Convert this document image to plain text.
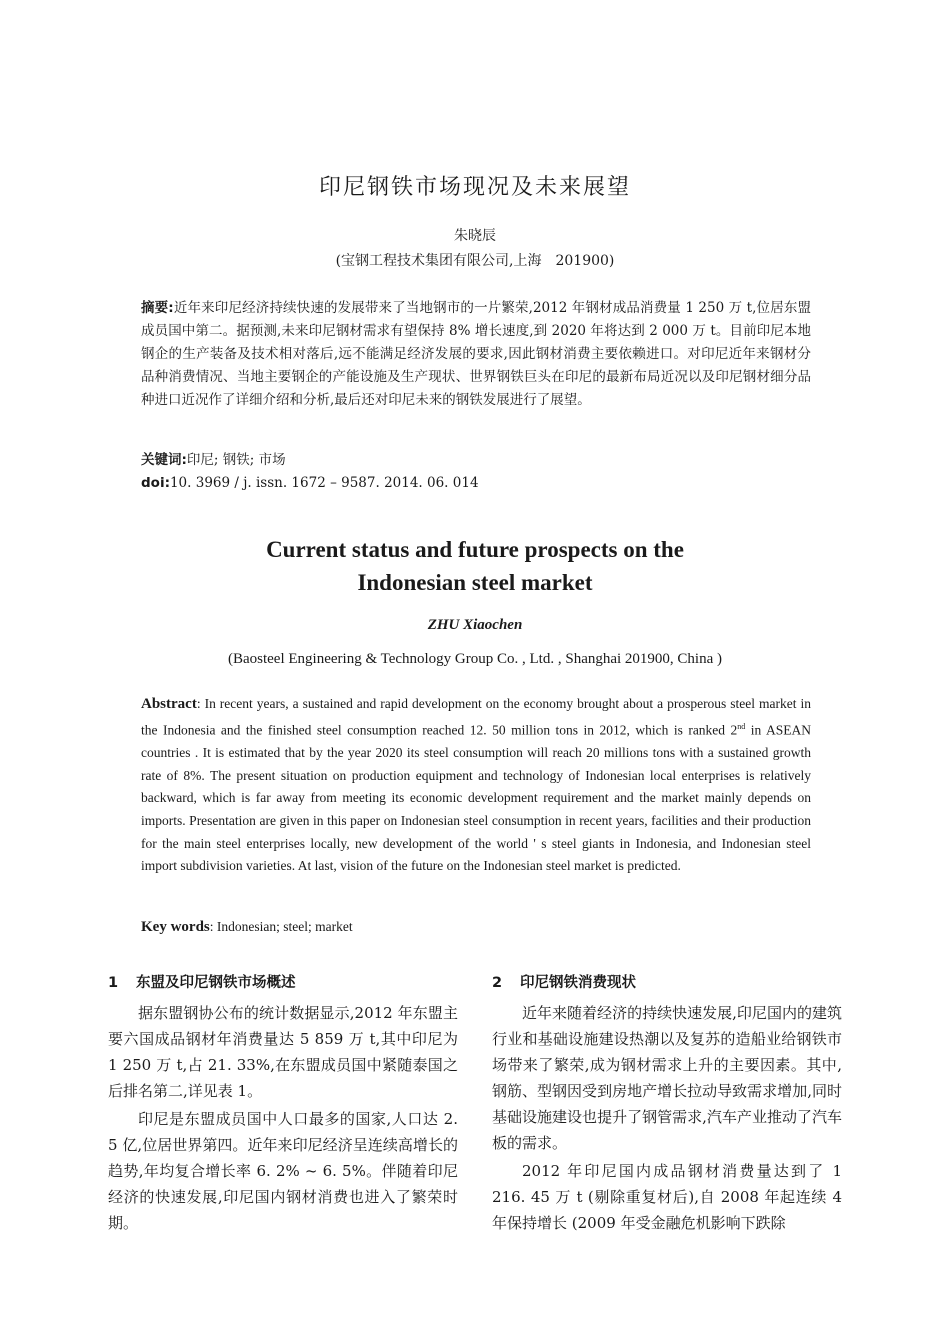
印尼钢铁市场现况及未来展望
朱晓辰
(宝钢工程技术集团有限公司,上海　201900)
摘要:近年来印尼经济持续快速的发展带来了当地钢市的一片繁荣,2012 年钢材成品消费量 1 250 万 t,位居东盟成员国中第二。据预测,未来印尼钢材需求有望保持 8% 增长速度,到 2020 年将达到 2 000 万 t。目前印尼本地钢企的生产装备及技术相对落后,远不能满足经济发展的要求,因此钢材消费主要依赖进口。对印尼近年来钢材分品种消费情况、当地主要钢企的产能设施及生产现状、世界钢铁巨头在印尼的最新布局近况以及印尼钢材细分品种进口近况作了详细介绍和分析,最后还对印尼未来的钢铁发展进行了展望。
关键词:印尼; 钢铁; 市场
doi:10. 3969 / j. issn. 1672 – 9587. 2014. 06. 014
Current status and future prospects on the
Indonesian steel market
ZHU Xiaochen
(Baosteel Engineering & Technology Group Co. , Ltd. , Shanghai 201900, China )
Abstract: In recent years, a sustained and rapid development on the economy brought about a prosperous steel market in the Indonesia and the finished steel consumption reached 12. 50 million tons in 2012, which is ranked 2nd in ASEAN countries . It is estimated that by the year 2020 its steel consumption will reach 20 millions tons with a sustained growth rate of 8%. The present situation on production equipment and technology of Indonesian local enterprises is relatively backward, which is far away from meeting its economic development requirement and the market mainly depends on imports. Presentation are given in this paper on Indonesian steel consumption in recent years, facilities and their production for the main steel enterprises locally, new development of the world ' s steel giants in Indonesia, and Indonesian steel import subdivision varieties. At last, vision of the future on the Indonesian steel market is predicted.
Key words: Indonesian; steel; market
1 东盟及印尼钢铁市场概述

据东盟钢协公布的统计数据显示,2012 年东盟主要六国成品钢材年消费量达 5 859 万 t,其中印尼为 1 250 万 t,占 21. 33%,在东盟成员国中紧随泰国之后排名第二,详见表 1。

印尼是东盟成员国中人口最多的国家,人口达 2. 5 亿,位居世界第四。近年来印尼经济呈连续高增长的趋势,年均复合增长率 6. 2% ~ 6. 5%。伴随着印尼经济的快速发展,印尼国内钢材消费也进入了繁荣时期。

2 印尼钢铁消费现状

近年来随着经济的持续快速发展,印尼国内的建筑行业和基础设施建设热潮以及复苏的造船业给钢铁市场带来了繁荣,成为钢材需求上升的主要因素。其中,钢筋、型钢因受到房地产增长拉动导致需求增加,同时基础设施建设也提升了钢管需求,汽车产业推动了汽车板的需求。

2012 年印尼国内成品钢材消费量达到了 1 216. 45 万 t (剔除重复材后),自 2008 年起连续 4 年保持增长 (2009 年受金融危机影响下跌除
